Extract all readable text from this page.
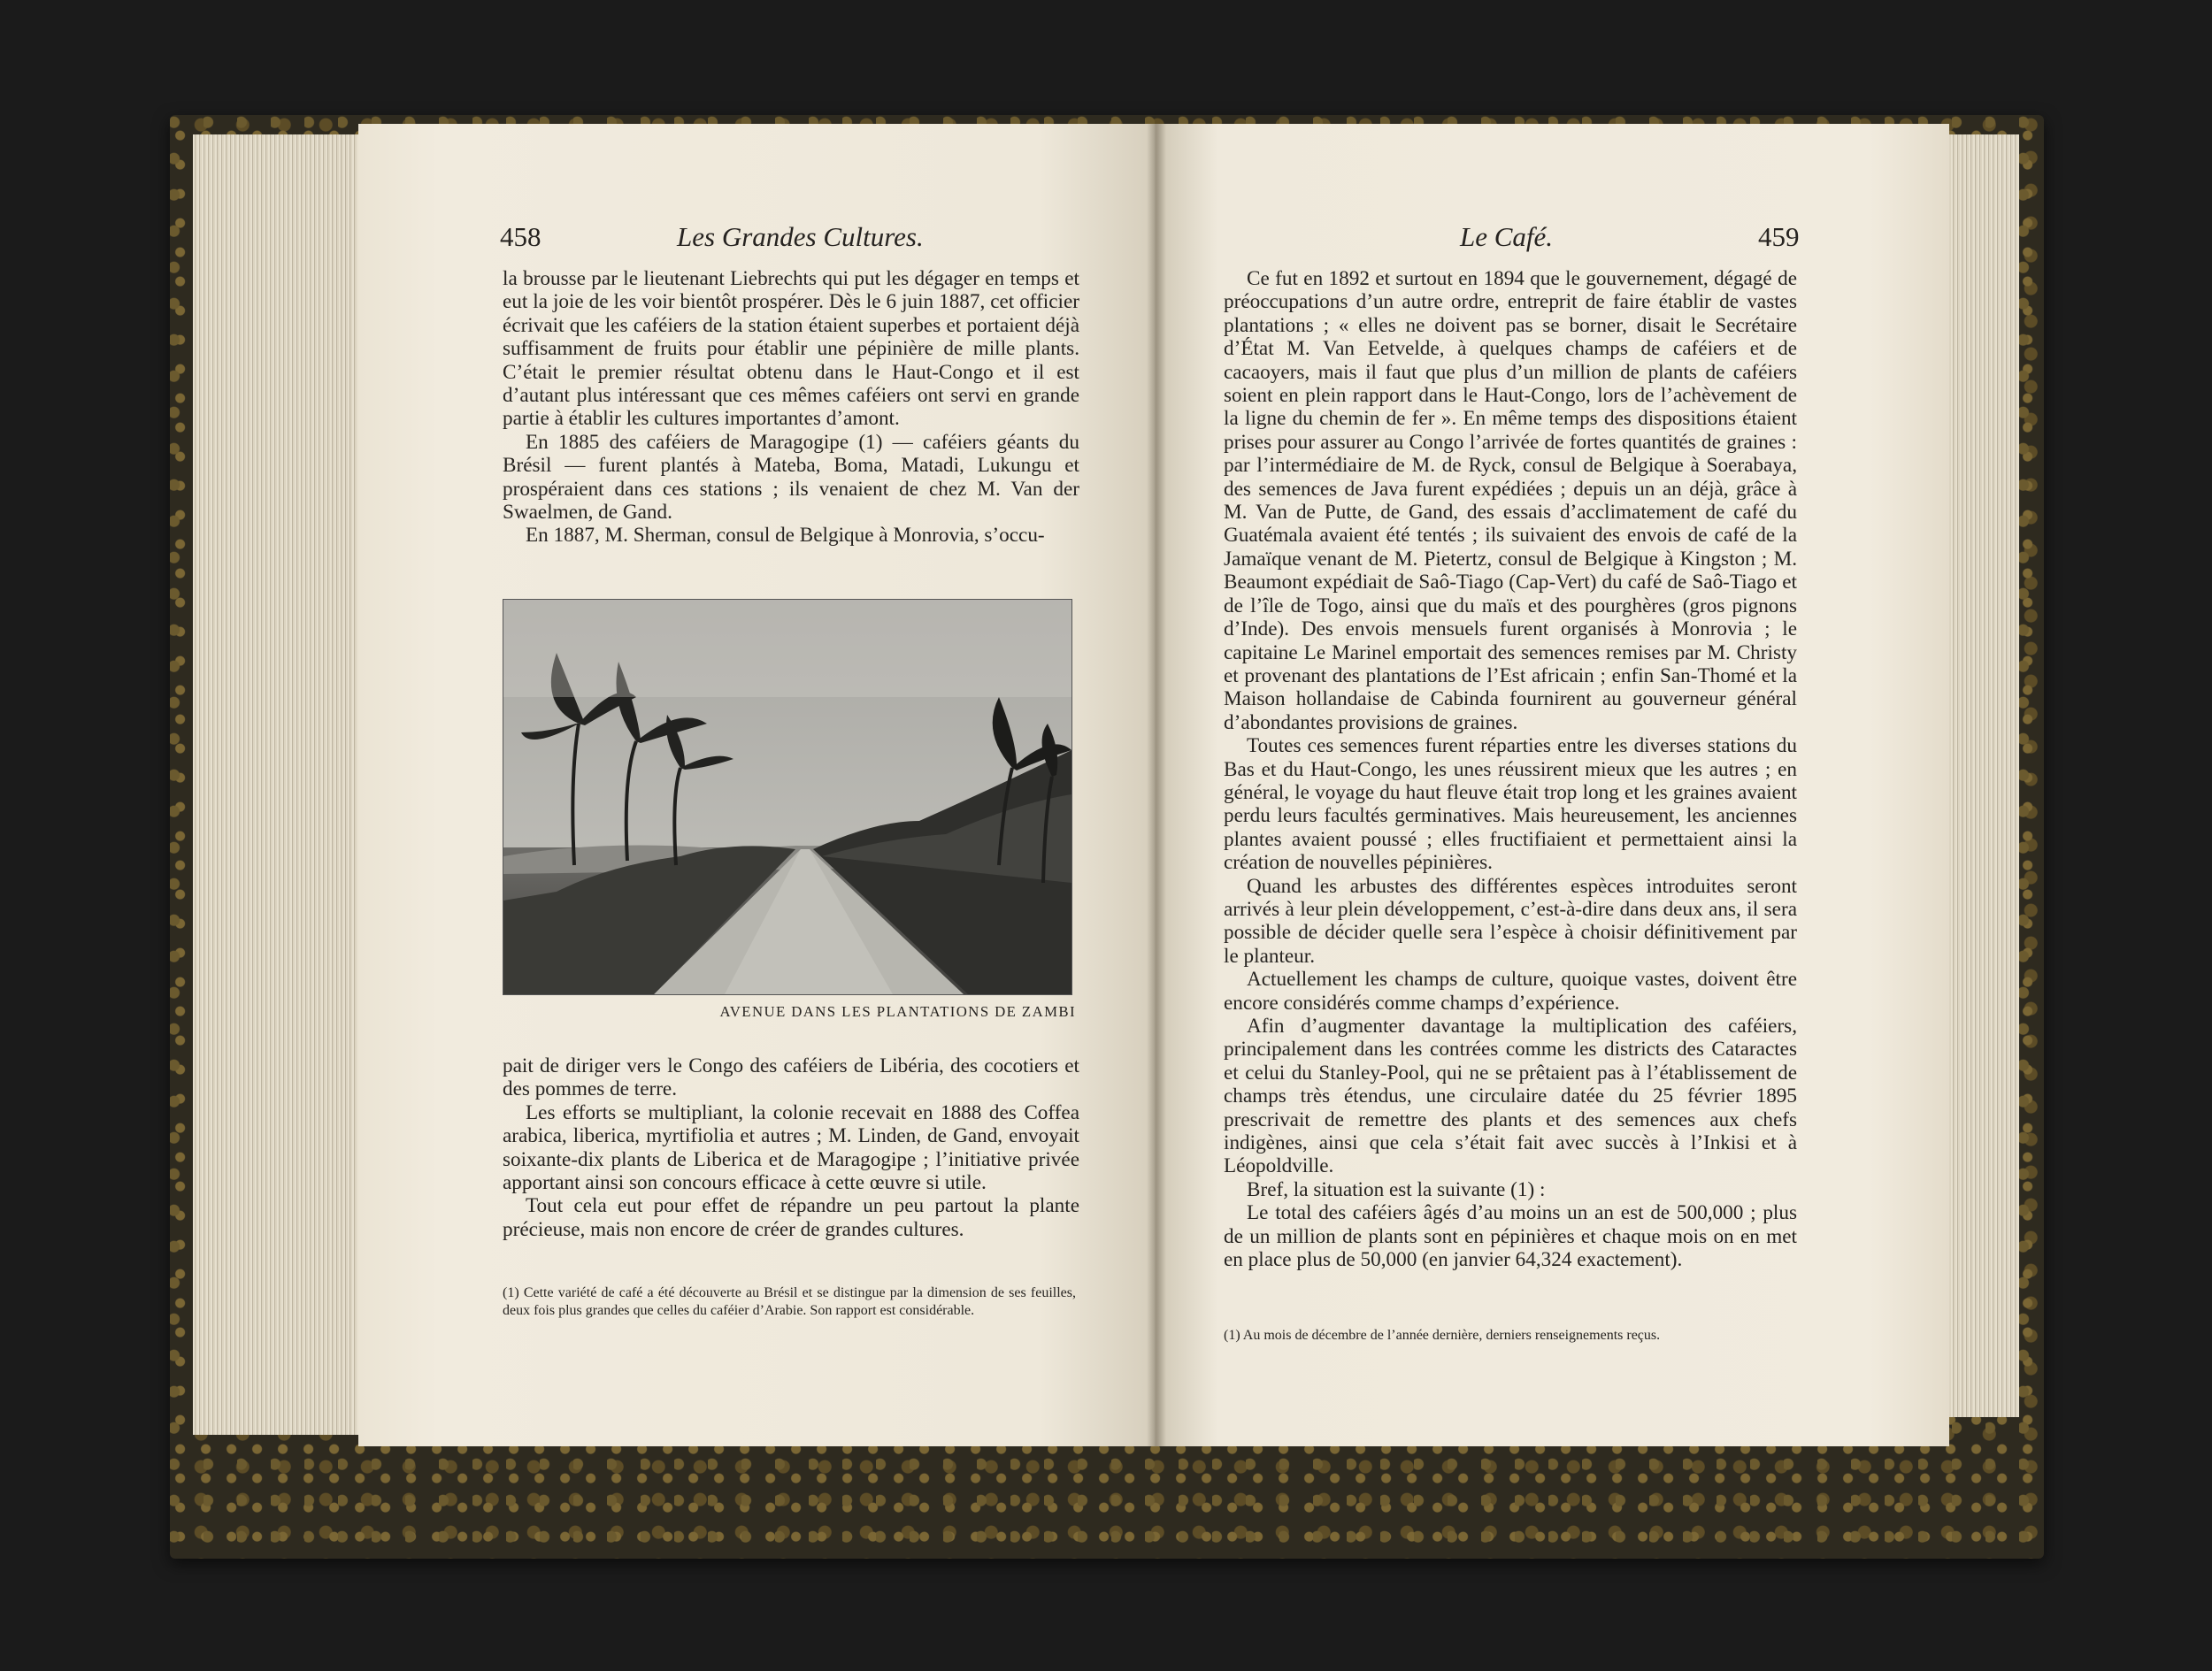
458	Les Grandes Cultures.

la brousse par le lieutenant Liebrechts qui put les dégager en temps et eut la joie de les voir bientôt prospérer. Dès le 6 juin 1887, cet officier écrivait que les caféiers de la station étaient superbes et portaient déjà suffisamment de fruits pour établir une pépinière de mille plants. C’était le premier résultat obtenu dans le Haut-Congo et il est d’autant plus intéressant que ces mêmes caféiers ont servi en grande partie à établir les cultures importantes d’amont.

En 1885 des caféiers de Maragogipe (1) — caféiers géants du Brésil — furent plantés à Mateba, Boma, Matadi, Lukungu et prospéraient dans ces stations ; ils venaient de chez M. Van der Swaelmen, de Gand.

En 1887, M. Sherman, consul de Belgique à Monrovia, s’occu-

AVENUE DANS LES PLANTATIONS DE ZAMBI

pait de diriger vers le Congo des caféiers de Libéria, des cocotiers et des pommes de terre.

Les efforts se multipliant, la colonie recevait en 1888 des Coffea arabica, liberica, myrtifiolia et autres ; M. Linden, de Gand, envoyait soixante-dix plants de Liberica et de Maragogipe ; l’initiative privée apportant ainsi son concours efficace à cette œuvre si utile.

Tout cela eut pour effet de répandre un peu partout la plante précieuse, mais non encore de créer de grandes cultures.

(1) Cette variété de café a été découverte au Brésil et se distingue par la dimension de ses feuilles, deux fois plus grandes que celles du caféier d’Arabie. Son rapport est considérable.
Le Café.	459

Ce fut en 1892 et surtout en 1894 que le gouvernement, dégagé de préoccupations d’un autre ordre, entreprit de faire établir de vastes plantations ; « elles ne doivent pas se borner, disait le Secrétaire d’État M. Van Eetvelde, à quelques champs de caféiers et de cacaoyers, mais il faut que plus d’un million de plants de caféiers soient en plein rapport dans le Haut-Congo, lors de l’achèvement de la ligne du chemin de fer ». En même temps des dispositions étaient prises pour assurer au Congo l’arrivée de fortes quantités de graines : par l’intermédiaire de M. de Ryck, consul de Belgique à Soerabaya, des semences de Java furent expédiées ; depuis un an déjà, grâce à M. Van de Putte, de Gand, des essais d’acclimatement de café du Guatémala avaient été tentés ; ils suivaient des envois de café de la Jamaïque venant de M. Pietertz, consul de Belgique à Kingston ; M. Beaumont expédiait de Saô-Tiago (Cap-Vert) du café de Saô-Tiago et de l’île de Togo, ainsi que du maïs et des pourghères (gros pignons d’Inde). Des envois mensuels furent organisés à Monrovia ; le capitaine Le Marinel emportait des semences remises par M. Christy et provenant des plantations de l’Est africain ; enfin San-Thomé et la Maison hollandaise de Cabinda fournirent au gouverneur général d’abondantes provisions de graines.

Toutes ces semences furent réparties entre les diverses stations du Bas et du Haut-Congo, les unes réussirent mieux que les autres ; en général, le voyage du haut fleuve était trop long et les graines avaient perdu leurs facultés germinatives. Mais heureusement, les anciennes plantes avaient poussé ; elles fructifiaient et permettaient ainsi la création de nouvelles pépinières.

Quand les arbustes des différentes espèces introduites seront arrivés à leur plein développement, c’est-à-dire dans deux ans, il sera possible de décider quelle sera l’espèce à choisir définitivement par le planteur.

Actuellement les champs de culture, quoique vastes, doivent être encore considérés comme champs d’expérience.

Afin d’augmenter davantage la multiplication des caféiers, principalement dans les contrées comme les districts des Cataractes et celui du Stanley-Pool, qui ne se prêtaient pas à l’établissement de champs très étendus, une circulaire datée du 25 février 1895 prescrivait de remettre des plants et des semences aux chefs indigènes, ainsi que cela s’était fait avec succès à l’Inkisi et à Léopoldville.

Bref, la situation est la suivante (1) :

Le total des caféiers âgés d’au moins un an est de 500,000 ; plus de un million de plants sont en pépinières et chaque mois on en met en place plus de 50,000 (en janvier 64,324 exactement).

(1) Au mois de décembre de l’année dernière, derniers renseignements reçus.
